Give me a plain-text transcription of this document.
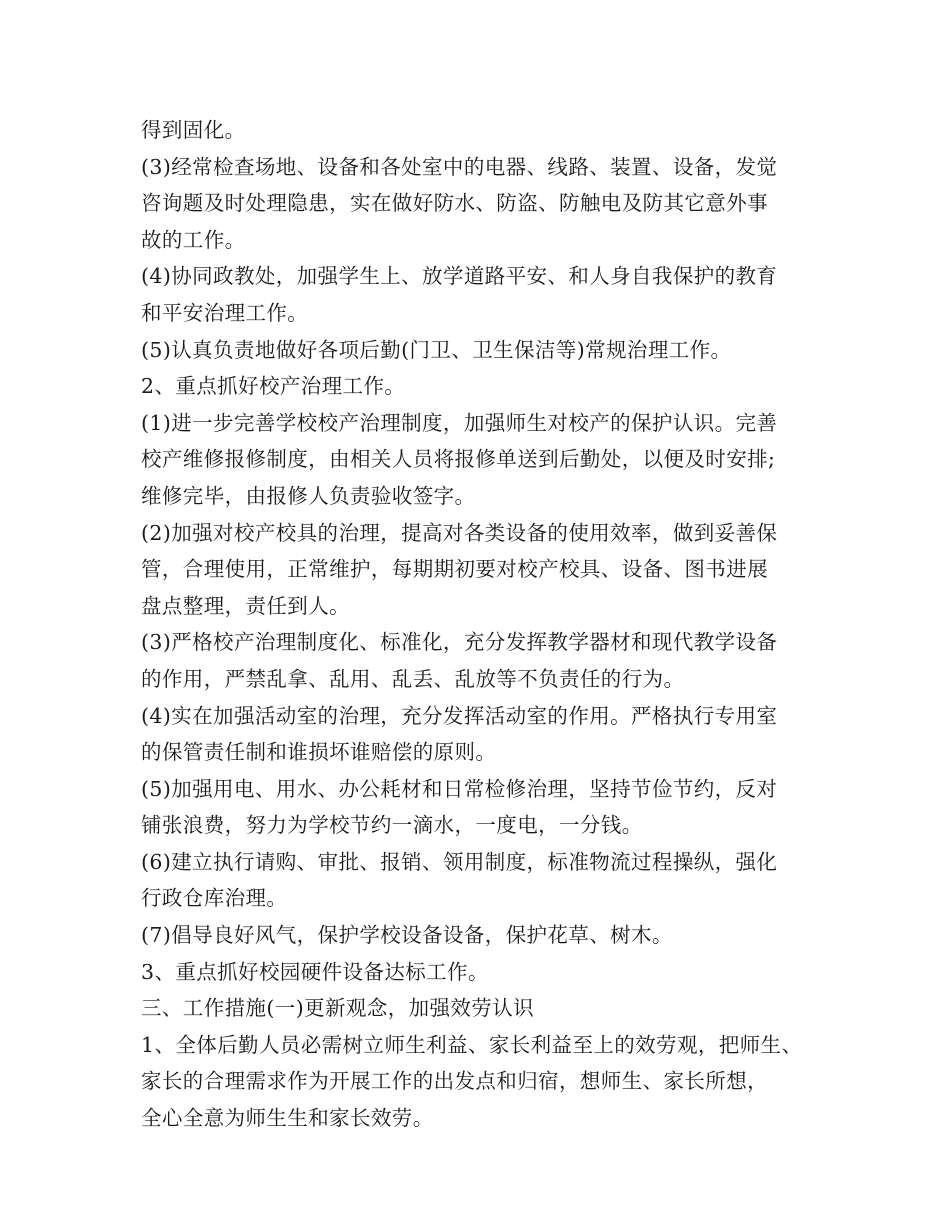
得到固化。
(3)经常检查场地、设备和各处室中的电器、线路、装置、设备，发觉
咨询题及时处理隐患，实在做好防水、防盗、防触电及防其它意外事
故的工作。
(4)协同政教处，加强学生上、放学道路平安、和人身自我保护的教育
和平安治理工作。
(5)认真负责地做好各项后勤(门卫、卫生保洁等)常规治理工作。
2、重点抓好校产治理工作。
(1)进一步完善学校校产治理制度，加强师生对校产的保护认识。完善
校产维修报修制度，由相关人员将报修单送到后勤处，以便及时安排;
维修完毕，由报修人负责验收签字。
(2)加强对校产校具的治理，提高对各类设备的使用效率，做到妥善保
管，合理使用，正常维护，每期期初要对校产校具、设备、图书进展
盘点整理，责任到人。
(3)严格校产治理制度化、标准化，充分发挥教学器材和现代教学设备
的作用，严禁乱拿、乱用、乱丢、乱放等不负责任的行为。
(4)实在加强活动室的治理，充分发挥活动室的作用。严格执行专用室
的保管责任制和谁损坏谁赔偿的原则。
(5)加强用电、用水、办公耗材和日常检修治理，坚持节俭节约，反对
铺张浪费，努力为学校节约一滴水，一度电，一分钱。
(6)建立执行请购、审批、报销、领用制度，标准物流过程操纵，强化
行政仓库治理。
(7)倡导良好风气，保护学校设备设备，保护花草、树木。
3、重点抓好校园硬件设备达标工作。
三、工作措施(一)更新观念，加强效劳认识
1、全体后勤人员必需树立师生利益、家长利益至上的效劳观，把师生、
家长的合理需求作为开展工作的出发点和归宿，想师生、家长所想，
全心全意为师生生和家长效劳。
